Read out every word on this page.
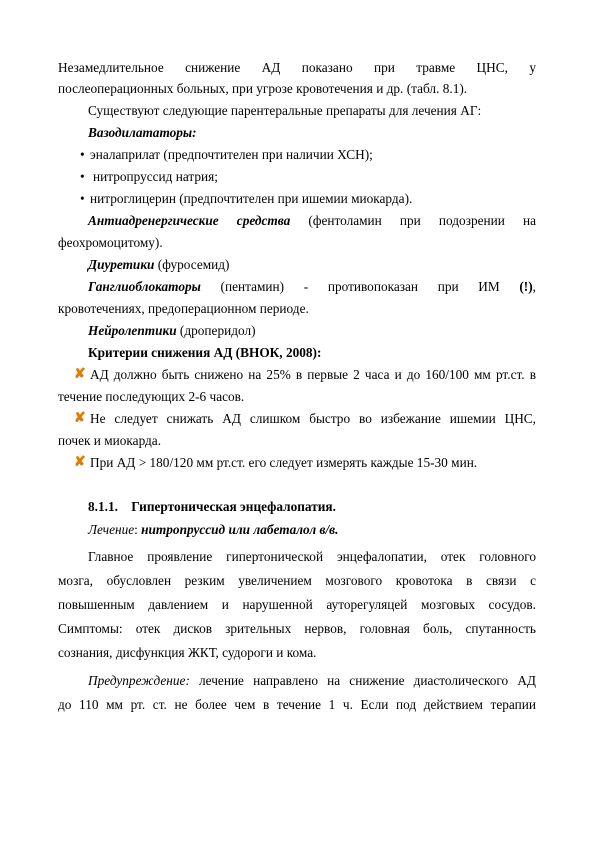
Незамедлительное снижение АД показано при травме ЦНС, у
послеоперационных больных, при угрозе кровотечения и др. (табл. 8.1).
Существуют следующие парентеральные препараты для лечения АГ:
Вазодилататоры:
• эналаприлат (предпочтителен при наличии ХСН);
• нитропруссид натрия;
• нитроглицерин (предпочтителен при ишемии миокарда).
Антиадренергические средства (фентоламин при подозрении на
феохромоцитому).
Диуретики (фуросемид)
Ганглиоблокаторы (пентамин) - противопоказан при ИМ (!),
кровотечениях, предоперационном периоде.
Нейролептики (дроперидол)
Критерии снижения АД (ВНОК, 2008):
✘ АД должно быть снижено на 25% в первые 2 часа и до 160/100 мм рт.ст. в
течение последующих 2-6 часов.
✘ Не следует снижать АД слишком быстро во избежание ишемии ЦНС,
почек и миокарда.
✘ При АД > 180/120 мм рт.ст. его следует измерять каждые 15-30 мин.
8.1.1.    Гипертоническая энцефалопатия.
Лечение: нитропруссид или лабеталол в/в.
Главное проявление гипертонической энцефалопатии, отек головного
мозга, обусловлен резким увеличением мозгового кровотока в связи с
повышенным давлением и нарушенной ауторегуляцей мозговых сосудов.
Симптомы: отек дисков зрительных нервов, головная боль, спутанность
сознания, дисфункция ЖКТ, судороги и кома.
Предупреждение: лечение направлено на снижение диастолического АД
до 110 мм рт. ст. не более чем в течение 1 ч. Если под действием терапии
